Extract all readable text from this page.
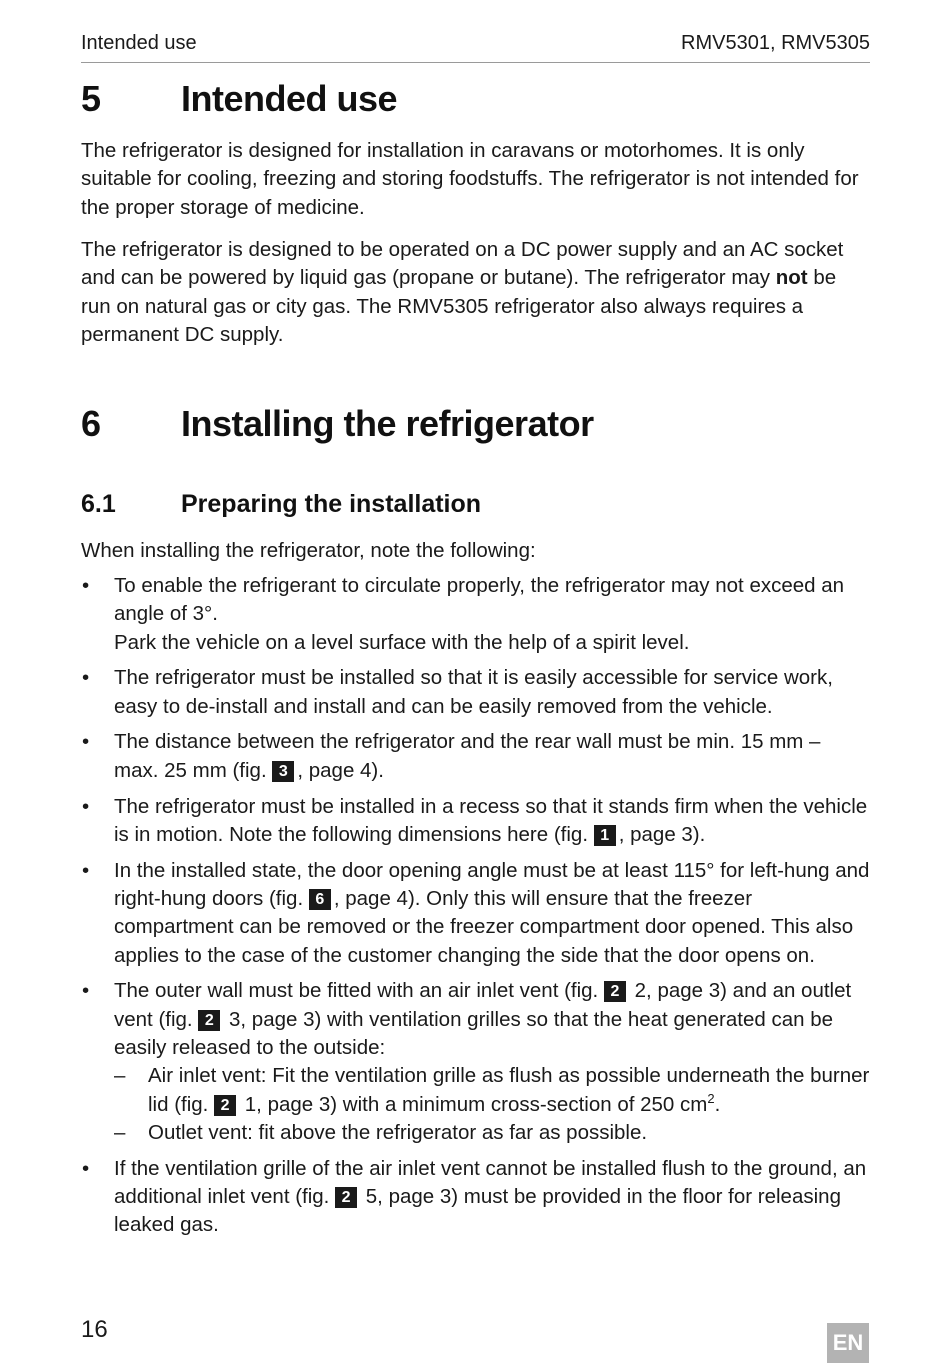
Intended use	RMV5301, RMV5305
5 Intended use

The refrigerator is designed for installation in caravans or motorhomes. It is only suitable for cooling, freezing and storing foodstuffs. The refrigerator is not intended for the proper storage of medicine.

The refrigerator is designed to be operated on a DC power supply and an AC socket and can be powered by liquid gas (propane or butane). The refrigerator may not be run on natural gas or city gas. The RMV5305 refrigerator also always requires a permanent DC supply.

6 Installing the refrigerator
6.1	Preparing the installation

When installing the refrigerator, note the following:

• To enable the refrigerant to circulate properly, the refrigerator may not exceed an angle of 3°.
Park the vehicle on a level surface with the help of a spirit level.
• The refrigerator must be installed so that it is easily accessible for service work, easy to de-install and install and can be easily removed from the vehicle.
• The distance between the refrigerator and the rear wall must be min. 15 mm – max. 25 mm (fig. 3 , page 4).
• The refrigerator must be installed in a recess so that it stands firm when the vehicle is in motion. Note the following dimensions here (fig. 1 , page 3).
• In the installed state, the door opening angle must be at least 115° for left-hung and right-hung doors (fig. 6 , page 4). Only this will ensure that the freezer compartment can be removed or the freezer compartment door opened. This also applies to the case of the customer changing the side that the door opens on.
• The outer wall must be fitted with an air inlet vent (fig. 2 2, page 3) and an outlet vent (fig. 2 3, page 3) with ventilation grilles so that the heat generated can be easily released to the outside:
– Air inlet vent: Fit the ventilation grille as flush as possible underneath the burner lid (fig. 2 1, page 3) with a minimum cross-section of 250 $cm^2$.
– Outlet vent: fit above the refrigerator as far as possible.
• If the ventilation grille of the air inlet vent cannot be installed flush to the ground, an additional inlet vent (fig. 2 5, page 3) must be provided in the floor for releasing leaked gas.
16	EN
